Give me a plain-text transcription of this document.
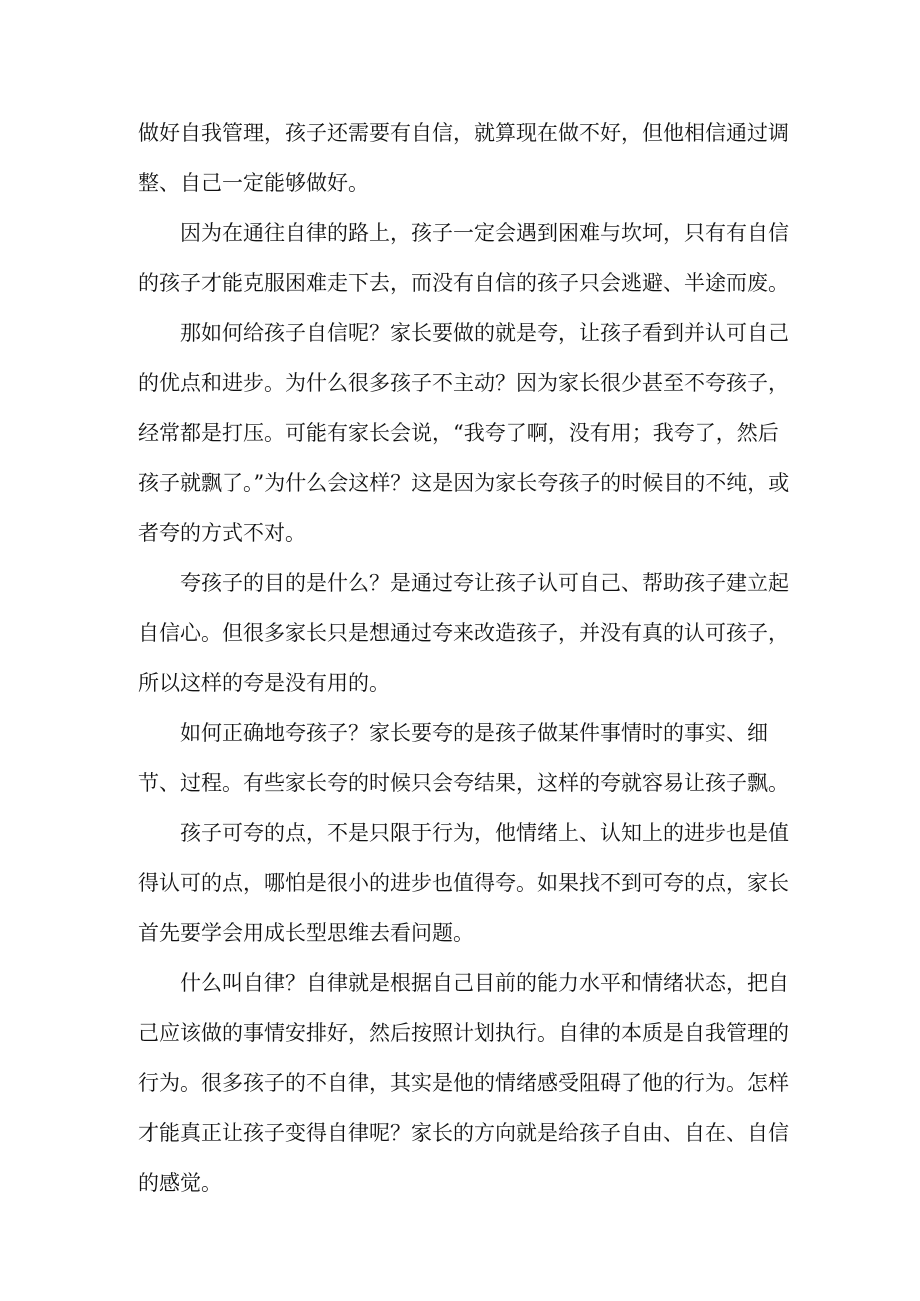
做好自我管理，孩子还需要有自信，就算现在做不好，但他相信通过调整、自己一定能够做好。

因为在通往自律的路上，孩子一定会遇到困难与坎坷，只有有自信的孩子才能克服困难走下去，而没有自信的孩子只会逃避、半途而废。

那如何给孩子自信呢？家长要做的就是夸，让孩子看到并认可自己的优点和进步。为什么很多孩子不主动？因为家长很少甚至不夸孩子，经常都是打压。可能有家长会说，“我夸了啊，没有用；我夸了，然后孩子就飘了。”为什么会这样？这是因为家长夸孩子的时候目的不纯，或者夸的方式不对。

夸孩子的目的是什么？是通过夸让孩子认可自己、帮助孩子建立起自信心。但很多家长只是想通过夸来改造孩子，并没有真的认可孩子，所以这样的夸是没有用的。

如何正确地夸孩子？家长要夸的是孩子做某件事情时的事实、细节、过程。有些家长夸的时候只会夸结果，这样的夸就容易让孩子飘。

孩子可夸的点，不是只限于行为，他情绪上、认知上的进步也是值得认可的点，哪怕是很小的进步也值得夸。如果找不到可夸的点，家长首先要学会用成长型思维去看问题。

什么叫自律？自律就是根据自己目前的能力水平和情绪状态，把自己应该做的事情安排好，然后按照计划执行。自律的本质是自我管理的行为。很多孩子的不自律，其实是他的情绪感受阻碍了他的行为。怎样才能真正让孩子变得自律呢？家长的方向就是给孩子自由、自在、自信的感觉。
